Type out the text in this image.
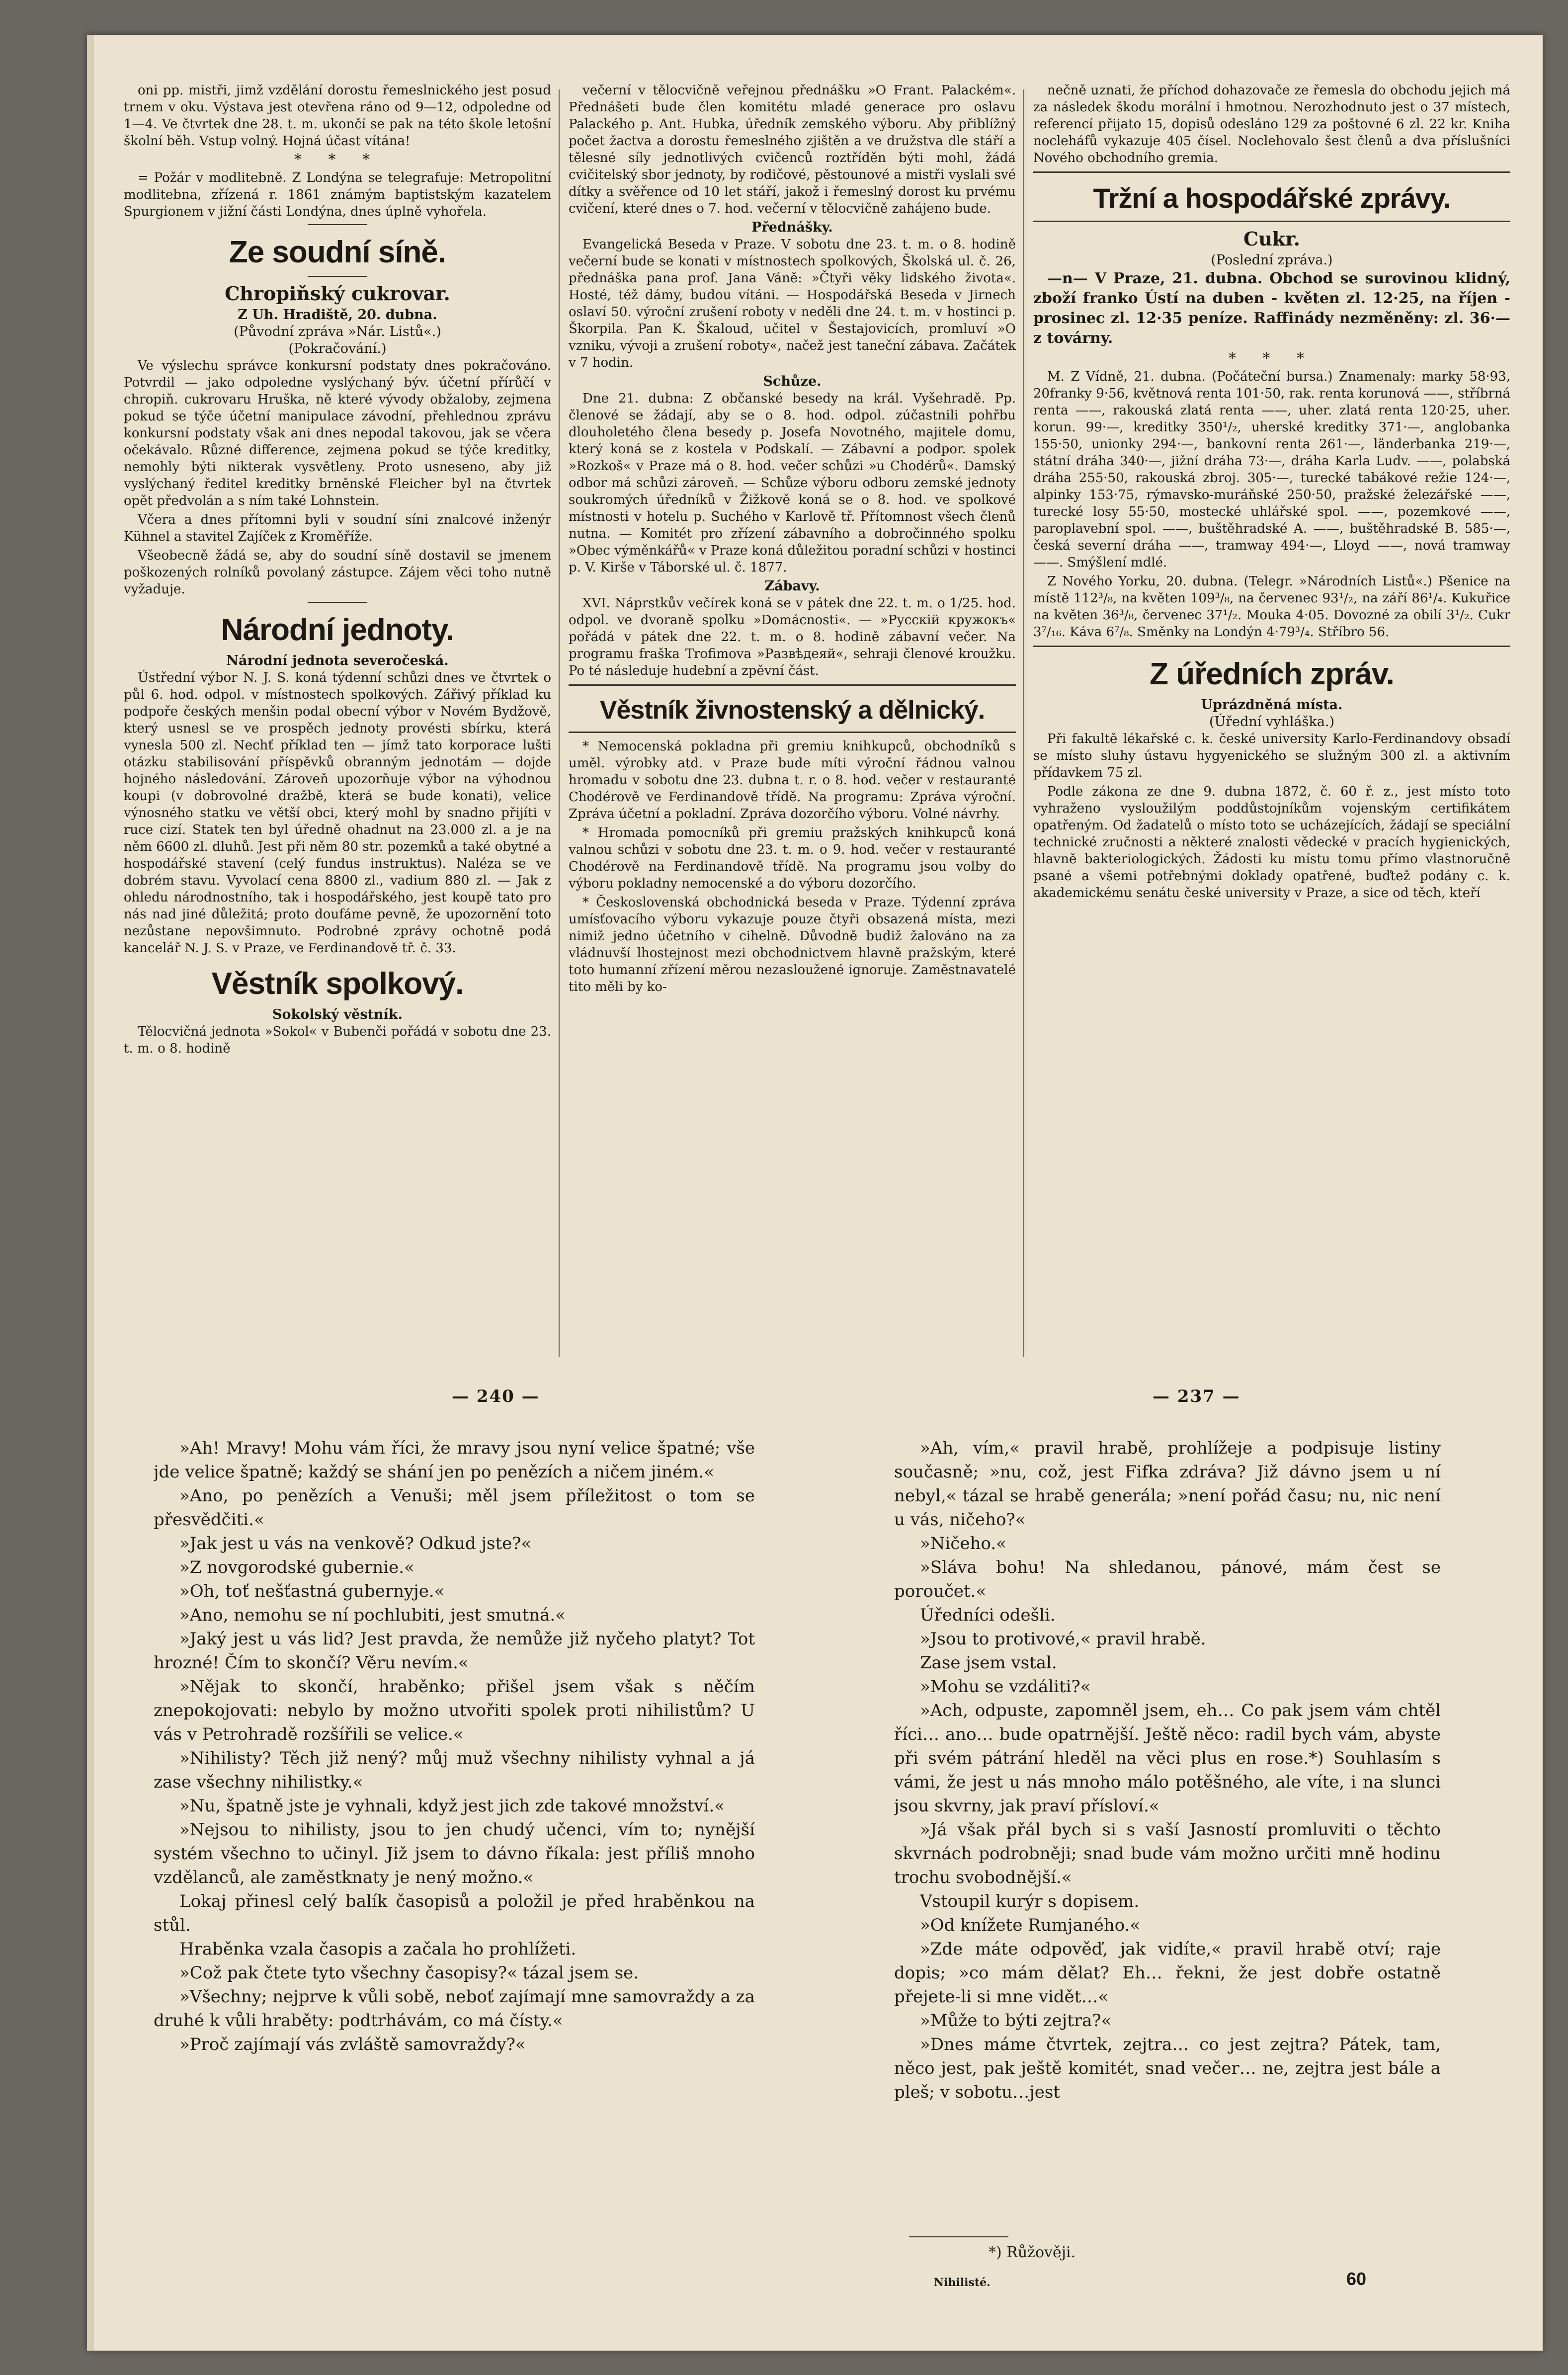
oni pp. mistři, jimž vzdělání dorostu řemeslnického jest posud trnem v oku. Výstava jest otevřena ráno od 9—12, odpoledne od 1—4. Ve čtvrtek dne 28. t. m. ukončí se pak na této škole letošní školní běh. Vstup volný. Hojná účast vítána!

* * *

= Požár v modlitebně. Z Londýna se telegrafuje: Metropolitní modlitebna, zřízená r. 1861 známým baptistským kazatelem Spurgionem v jižní části Londýna, dnes úplně vyhořela.

Ze soudní síně.

Chropiňský cukrovar.

Z Uh. Hradiště, 20. dubna.

(Původní zpráva »Nár. Listů«.)

(Pokračování.)

Ve výslechu správce konkursní podstaty dnes pokračováno. Potvrdil — jako odpoledne vyslýchaný býv. účetní přírůčí v chropiň. cukrovaru Hruška, ně které vývody obžaloby, zejmena pokud se týče účetní manipulace závodní, přehlednou zprávu konkursní podstaty však ani dnes nepodal takovou, jak se včera očekávalo. Různé difference, zejmena pokud se týče kreditky, nemohly býti nikterak vysvětleny. Proto usneseno, aby již vyslýchaný ředitel kreditky brněnské Fleicher byl na čtvrtek opět předvolán a s ním také Lohnstein.

Včera a dnes přítomni byli v soudní síni znalcové inženýr Kühnel a stavitel Zajíček z Kroměříže.

Všeobecně žádá se, aby do soudní síně dostavil se jmenem poškozených rolníků povolaný zástupce. Zájem věci toho nutně vyžaduje.

Národní jednoty.

Národní jednota severočeská.

Ústřední výbor N. J. S. koná týdenní schůzi dnes ve čtvrtek o půl 6. hod. odpol. v místnostech spolkových. Zářivý příklad ku podpoře českých menšin podal obecní výbor v Novém Bydžově, který usnesl se ve prospěch jednoty provésti sbírku, která vynesla 500 zl. Nechť příklad ten — jímž tato korporace lušti otázku stabilisování příspěvků obranným jednotám — dojde hojného následování. Zároveň upozorňuje výbor na výhodnou koupi (v dobrovolné dražbě, která se bude konati), velice výnosného statku ve větší obci, který mohl by snadno přijíti v ruce cizí. Statek ten byl úředně ohadnut na 23.000 zl. a je na něm 6600 zl. dluhů. Jest při něm 80 str. pozemků a také obytné a hospodářské stavení (celý fundus instruktus). Naléza se ve dobrém stavu. Vyvolací cena 8800 zl., vadium 880 zl. — Jak z ohledu národnostního, tak i hospodářského, jest koupě tato pro nás nad jiné důležitá; proto doufáme pevně, že upozornění toto nezůstane nepovšimnuto. Podrobné zprávy ochotně podá kancelář N. J. S. v Praze, ve Ferdinandově tř. č. 33.

Věstník spolkový.

Sokolský věstník.

Tělocvičná jednota »Sokol« v Bubenči pořádá v sobotu dne 23. t. m. o 8. hodině

večerní v tělocvičně veřejnou přednášku »O Frant. Palackém«. Přednášeti bude člen komitétu mladé generace pro oslavu Palackého p. Ant. Hubka, úředník zemského výboru. Aby přiblížný počet žactva a dorostu řemeslného zjištěn a ve družstva dle stáří a tělesné síly jednotlivých cvičenců roztříděn býti mohl, žádá cvičitelský sbor jednoty, by rodičové, pěstounové a mistři vyslali své dítky a svěřence od 10 let stáří, jakož i řemeslný dorost ku prvému cvičení, které dnes o 7. hod. večerní v tělocvičně zahájeno bude.

Přednášky.

Evangelická Beseda v Praze. V sobotu dne 23. t. m. o 8. hodině večerní bude se konati v místnostech spolkových, Školská ul. č. 26, přednáška pana prof. Jana Váně: »Čtyři věky lidského života«. Hosté, též dámy, budou vítáni. — Hospodářská Beseda v Jirnech oslaví 50. výroční zrušení roboty v neděli dne 24. t. m. v hostinci p. Škorpila. Pan K. Škaloud, učitel v Šestajovicích, promluví »O vzniku, vývoji a zrušení roboty«, načež jest taneční zábava. Začátek v 7 hodin.

Schůze.

Dne 21. dubna: Z občanské besedy na král. Vyšehradě. Pp. členové se žádají, aby se o 8. hod. odpol. zúčastnili pohřbu dlouholetého člena besedy p. Josefa Novotného, majitele domu, který koná se z kostela v Podskalí. — Zábavní a podpor. spolek »Rozkoš« v Praze má o 8. hod. večer schůzi »u Chodérů«. Damský odbor má schůzi zároveň. — Schůze výboru odboru zemské jednoty soukromých úředníků v Žižkově koná se o 8. hod. ve spolkové místnosti v hotelu p. Suchého v Karlově tř. Přítomnost všech členů nutna. — Komitét pro zřízení zábavního a dobročinného spolku »Obec výměnkářů« v Praze koná důležitou poradní schůzi v hostinci p. V. Kirše v Táborské ul. č. 1877.

Zábavy.

XVI. Náprstkův večírek koná se v pátek dne 22. t. m. o 1/25. hod. odpol. ve dvoraně spolku »Domácnosti«. — »Русскій кружокъ« pořádá v pátek dne 22. t. m. o 8. hodině zábavní večer. Na programu fraška Trofimova »Развѣдеяй«, sehraji členové kroužku. Po té následuje hudební a zpěvní část.

Věstník živnostenský a dělnický.

* Nemocenská pokladna při gremiu knihkupců, obchodníků s uměl. výrobky atd. v Praze bude míti výroční řádnou valnou hromadu v sobotu dne 23. dubna t. r. o 8. hod. večer v restauranté Chodérově ve Ferdinandově třídě. Na programu: Zpráva výroční. Zpráva účetní a pokladní. Zpráva dozorčího výboru. Volné návrhy.

* Hromada pomocníků při gremiu pražských knihkupců koná valnou schůzi v sobotu dne 23. t. m. o 9. hod. večer v restauranté Chodérově na Ferdinandově třídě. Na programu jsou volby do výboru pokladny nemocenské a do výboru dozorčího.

* Československá obchodnická beseda v Praze. Týdenní zpráva umísťovacího výboru vykazuje pouze čtyři obsazená místa, mezi nimiž jedno účetního v cihelně. Důvodně budiž žalováno na za vládnuvší lhostejnost mezi obchodnictvem hlavně pražským, které toto humanní zřízení měrou nezasloužené ignoruje. Zaměstnavatelé tito měli by ko-

nečně uznati, že příchod dohazovače ze řemesla do obchodu jejich má za následek škodu morální i hmotnou. Nerozhodnuto jest o 37 místech, referencí přijato 15, dopisů odesláno 129 za poštovné 6 zl. 22 kr. Kniha nocleháfů vykazuje 405 čísel. Noclehovalo šest členů a dva příslušníci Nového obchodního gremia.

Tržní a hospodářské zprávy.

Cukr.

(Poslední zpráva.)

—n— V Praze, 21. dubna. Obchod se surovinou klidný, zboží franko Ústí na duben - květen zl. 12·25, na říjen - prosinec zl. 12·35 peníze. Raffinády nezměněny: zl. 36·— z továrny.

* * *

M. Z Vídně, 21. dubna. (Počáteční bursa.) Znamenaly: marky 58·93, 20franky 9·56, květnová renta 101·50, rak. renta korunová ——, stříbrná renta ——, rakouská zlatá renta ——, uher. zlatá renta 120·25, uher. korun. 99·—, kreditky 350¹/₂, uherské kreditky 371·—, anglobanka 155·50, unionky 294·—, bankovní renta 261·—, länderbanka 219·—, státní dráha 340·—, jižní dráha 73·—, dráha Karla Ludv. ——, polabská dráha 255·50, rakouská zbroj. 305·—, turecké tabákové režie 124·—, alpinky 153·75, rýmavsko-muráňské 250·50, pražské železářské ——, turecké losy 55·50, mostecké uhlářské spol. ——, pozemkové ——, paroplavební spol. ——, buštěhradské A. ——, buštěhradské B. 585·—, česká severní dráha ——, tramway 494·—, Lloyd ——, nová tramway ——. Smýšlení mdlé.

Z Nového Yorku, 20. dubna. (Telegr. »Národních Listů«.) Pšenice na místě 112³/₈, na květen 109³/₈, na červenec 93¹/₂, na září 86¹/₄. Kukuřice na květen 36³/₈, červenec 37¹/₂. Mouka 4·05. Dovozné za obilí 3¹/₂. Cukr 3⁷/₁₆. Káva 6⁷/₈. Směnky na Londýn 4·79³/₄. Stříbro 56.

Z úředních zpráv.

Uprázdněná místa.

(Úřední vyhláška.)

Při fakultě lékařské c. k. české university Karlo-Ferdinandovy obsadí se místo sluhy ústavu hygyenického se služným 300 zl. a aktivním přídavkem 75 zl.

Podle zákona ze dne 9. dubna 1872, č. 60 ř. z., jest místo toto vyhraženo vysloužilým poddůstojníkům vojenským certifikátem opatřeným. Od žadatelů o místo toto se ucházejících, žádají se speciální technické zručnosti a některé znalosti vědecké v pracích hygienických, hlavně bakteriologických. Žádosti ku místu tomu přímo vlastnoručně psané a všemi potřebnými doklady opatřené, buďtež podány c. k. akademickému senátu české university v Praze, a sice od těch, kteří

— 240 —	— 237 —

»Ah! Mravy! Mohu vám říci, že mravy jsou nyní velice špatné; vše jde velice špatně; každý se shání jen po penězích a ničem jiném.«

»Ano, po penězích a Venuši; měl jsem příležitost o tom se přesvědčiti.«

»Jak jest u vás na venkově? Odkud jste?«

»Z novgorodské gubernie.«

»Oh, toť nešťastná gubernyje.«

»Ano, nemohu se ní pochlubiti, jest smutná.«

»Jaký jest u vás lid? Jest pravda, že nemůže již nyčeho platyt? Tot hrozné! Čím to skončí? Věru nevím.«

»Nějak to skončí, hraběnko; přišel jsem však s něčím znepokojovati: nebylo by možno utvořiti spolek proti nihilistům? U vás v Petrohradě rozšířili se velice.«

»Nihilisty? Těch již nený? můj muž všechny nihilisty vyhnal a já zase všechny nihilistky.«

»Nu, špatně jste je vyhnali, když jest jich zde takové množství.«

»Nejsou to nihilisty, jsou to jen chudý učenci, vím to; nynější systém všechno to učinyl. Již jsem to dávno říkala: jest příliš mnoho vzdělanců, ale zaměstknaty je nený možno.«

Lokaj přinesl celý balík časopisů a položil je před hraběnkou na stůl.

Hraběnka vzala časopis a začala ho prohlížeti.

»Což pak čtete tyto všechny časopisy?« tázal jsem se.

»Všechny; nejprve k vůli sobě, neboť zajímají mne samovraždy a za druhé k vůli hraběty: podtrhávám, co má čísty.«

»Proč zajímají vás zvláště samovraždy?«

»Ah, vím,« pravil hrabě, prohlížeje a podpisuje listiny současně; »nu, což, jest Fifka zdráva? Již dávno jsem u ní nebyl,« tázal se hrabě generála; »není pořád času; nu, nic není u vás, ničeho?«

»Ničeho.«

»Sláva bohu! Na shledanou, pánové, mám čest se poroučet.«

Úředníci odešli.

»Jsou to protivové,« pravil hrabě.

Zase jsem vstal.

»Mohu se vzdáliti?«

»Ach, odpuste, zapomněl jsem, eh… Co pak jsem vám chtěl říci… ano… bude opatrnější. Ještě něco: radil bych vám, abyste při svém pátrání hleděl na věci plus en rose.*) Souhlasím s vámi, že jest u nás mnoho málo potěšného, ale víte, i na slunci jsou skvrny, jak praví přísloví.«

»Já však přál bych si s vaší Jasností promluviti o těchto skvrnách podrobněji; snad bude vám možno určiti mně hodinu trochu svobodnější.«

Vstoupil kurýr s dopisem.

»Od knížete Rumjaného.«

»Zde máte odpověď, jak vidíte,« pravil hrabě otví; raje dopis; »co mám dělat? Eh… řekni, že jest dobře ostatně přejete-li si mne vidět…«

»Může to býti zejtra?«

»Dnes máme čtvrtek, zejtra… co jest zejtra? Pátek, tam, něco jest, pak ještě komitét, snad večer… ne, zejtra jest bále a pleš; v sobotu…jest

*) Růžověji.
Nihilisté.	60
